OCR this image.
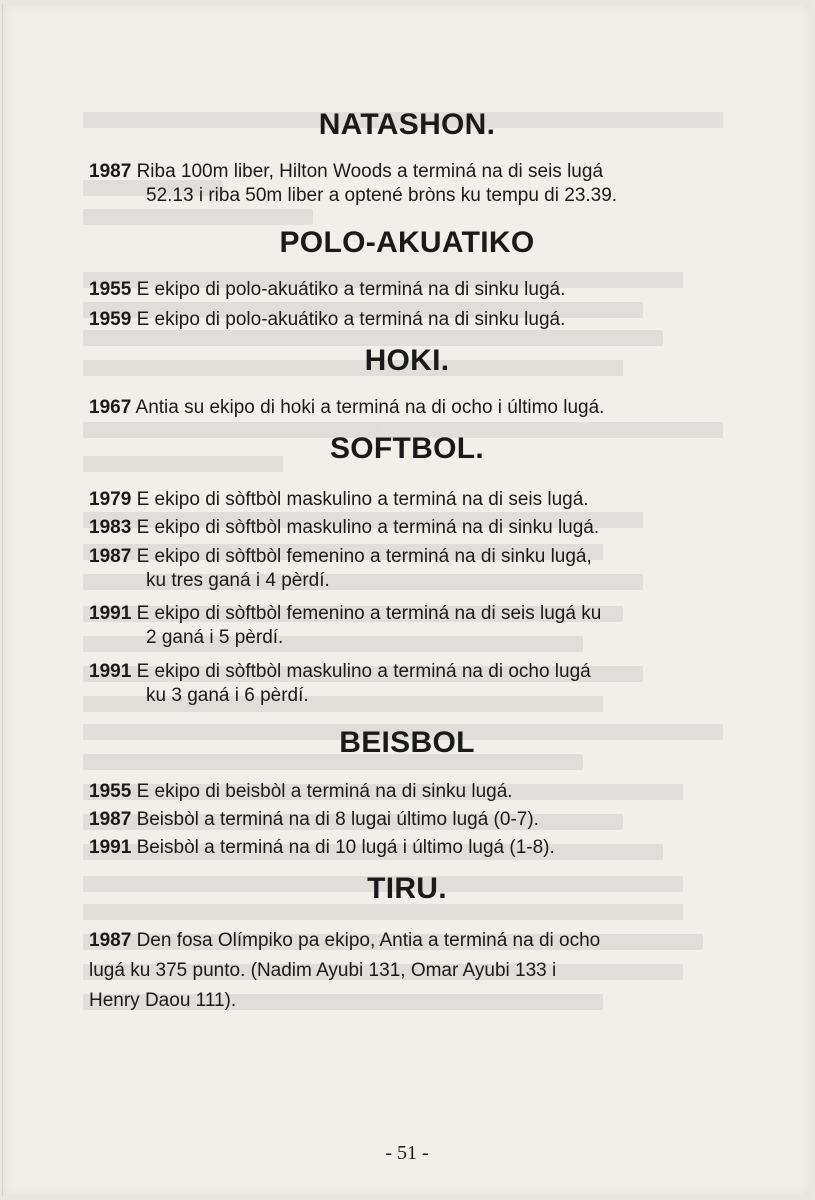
NATASHON.
1987 Riba 100m liber, Hilton Woods a terminá na di seis lugá
52.13 i riba 50m liber a optené bròns ku tempu di 23.39.
POLO-AKUATIKO
1955 E ekipo di polo-akuátiko a terminá na di sinku lugá.
1959 E ekipo di polo-akuátiko a terminá na di sinku lugá.
HOKI.
1967 Antia su ekipo di hoki a terminá na di ocho i último lugá.
SOFTBOL.
1979 E ekipo di sòftbòl maskulino a terminá na di seis lugá.
1983 E ekipo di sòftbòl maskulino a terminá na di sinku lugá.
1987 E ekipo di sòftbòl femenino a terminá na di sinku lugá,
ku tres ganá i 4 pèrdí.
1991 E ekipo di sòftbòl femenino a terminá na di seis lugá ku
2 ganá i 5 pèrdí.
1991 E ekipo di sòftbòl maskulino a terminá na di ocho lugá
ku 3 ganá i 6 pèrdí.
BEISBOL
1955 E ekipo di beisbòl a terminá na di sinku lugá.
1987 Beisbòl a terminá na di 8 lugai último lugá (0-7).
1991 Beisbòl a terminá na di 10 lugá i último lugá (1-8).
TIRU.
1987 Den fosa Olímpiko pa ekipo, Antia a terminá na di ocho
lugá ku 375 punto. (Nadim Ayubi 131, Omar Ayubi 133 i
Henry Daou 111).
- 51 -
